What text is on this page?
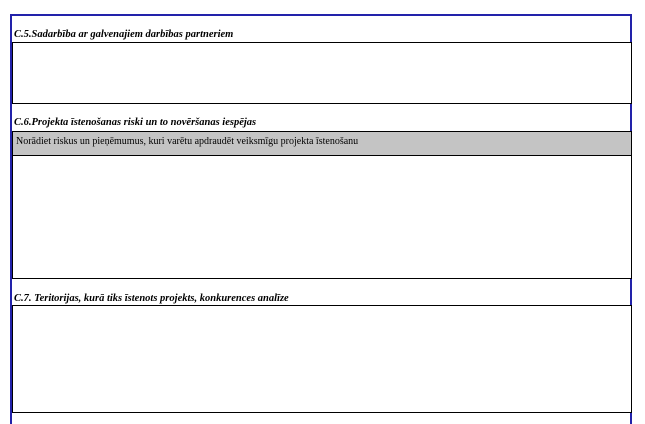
C.5.Sadarbība ar galvenajiem darbības partneriem
C.6.Projekta īstenošanas riski un to novēršanas iespējas
Norādiet riskus un pieņēmumus, kuri varētu apdraudēt veiksmīgu projekta īstenošanu
C.7. Teritorijas, kurā tiks īstenots projekts, konkurences analīze
